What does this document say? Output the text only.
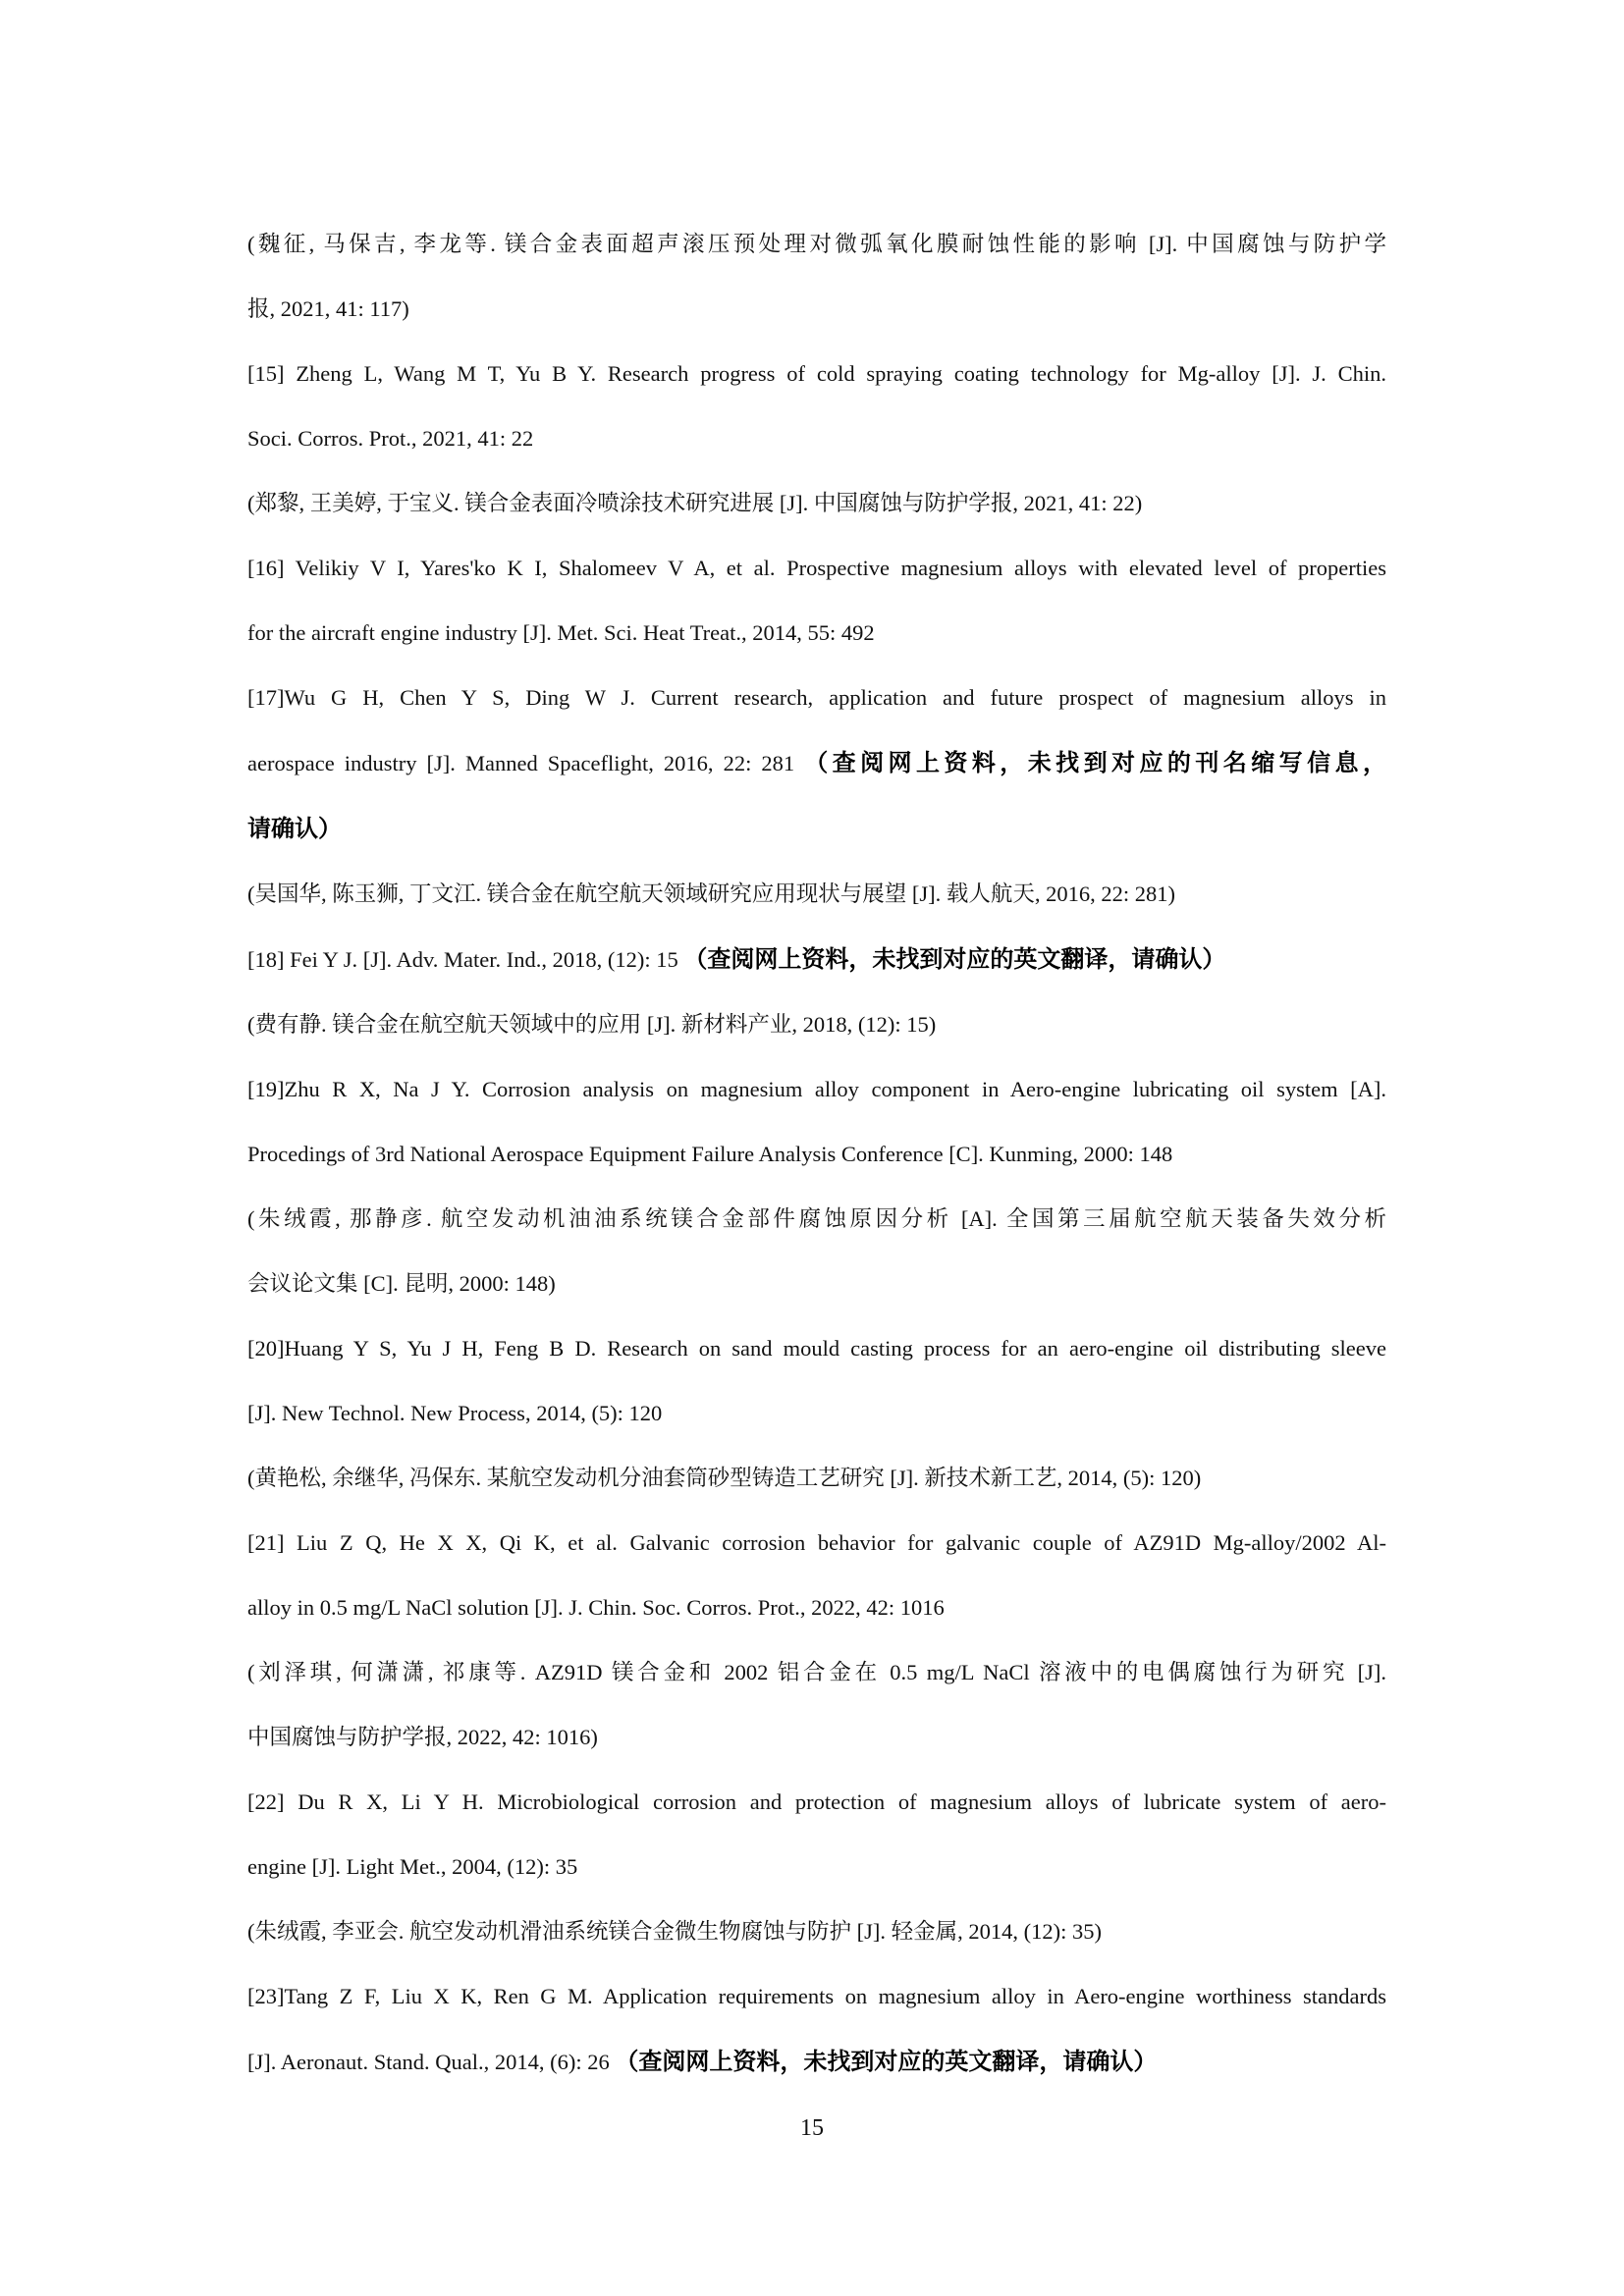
(魏征, 马保吉, 李龙等. 镁合金表面超声滚压预处理对微弧氧化膜耐蚀性能的影响 [J]. 中国腐蚀与防护学
报, 2021, 41: 117)
[15] Zheng L, Wang M T, Yu B Y. Research progress of cold spraying coating technology for Mg-alloy [J]. J. Chin.
Soci. Corros. Prot., 2021, 41: 22
(郑黎, 王美婷, 于宝义. 镁合金表面冷喷涂技术研究进展 [J]. 中国腐蚀与防护学报, 2021, 41: 22)
[16] Velikiy V I, Yares'ko K I, Shalomeev V A, et al. Prospective magnesium alloys with elevated level of properties
for the aircraft engine industry [J]. Met. Sci. Heat Treat., 2014, 55: 492
[17]Wu G H, Chen Y S, Ding W J. Current research, application and future prospect of magnesium alloys in
aerospace industry [J]. Manned Spaceflight, 2016, 22: 281 （查阅网上资料，未找到对应的刊名缩写信息，
请确认）
(吴国华, 陈玉狮, 丁文江. 镁合金在航空航天领域研究应用现状与展望 [J]. 载人航天, 2016, 22: 281)
[18] Fei Y J. [J]. Adv. Mater. Ind., 2018, (12): 15 （查阅网上资料，未找到对应的英文翻译，请确认）
(费有静. 镁合金在航空航天领域中的应用 [J]. 新材料产业, 2018, (12): 15)
[19]Zhu R X, Na J Y. Corrosion analysis on magnesium alloy component in Aero-engine lubricating oil system [A].
Procedings of 3rd National Aerospace Equipment Failure Analysis Conference [C]. Kunming, 2000: 148
(朱绒霞, 那静彦. 航空发动机油油系统镁合金部件腐蚀原因分析 [A]. 全国第三届航空航天装备失效分析
会议论文集 [C]. 昆明, 2000: 148)
[20]Huang Y S, Yu J H, Feng B D. Research on sand mould casting process for an aero-engine oil distributing sleeve
[J]. New Technol. New Process, 2014, (5): 120
(黄艳松, 余继华, 冯保东. 某航空发动机分油套筒砂型铸造工艺研究 [J]. 新技术新工艺, 2014, (5): 120)
[21] Liu Z Q, He X X, Qi K, et al. Galvanic corrosion behavior for galvanic couple of AZ91D Mg-alloy/2002 Al-
alloy in 0.5 mg/L NaCl solution [J]. J. Chin. Soc. Corros. Prot., 2022, 42: 1016
(刘泽琪, 何潇潇, 祁康等. AZ91D 镁合金和 2002 铝合金在 0.5 mg/L NaCl 溶液中的电偶腐蚀行为研究 [J].
中国腐蚀与防护学报, 2022, 42: 1016)
[22] Du R X, Li Y H. Microbiological corrosion and protection of magnesium alloys of lubricate system of aero-
engine [J]. Light Met., 2004, (12): 35
(朱绒霞, 李亚会. 航空发动机滑油系统镁合金微生物腐蚀与防护 [J]. 轻金属, 2014, (12): 35)
[23]Tang Z F, Liu X K, Ren G M. Application requirements on magnesium alloy in Aero-engine worthiness standards
[J]. Aeronaut. Stand. Qual., 2014, (6): 26 （查阅网上资料，未找到对应的英文翻译，请确认）
15
